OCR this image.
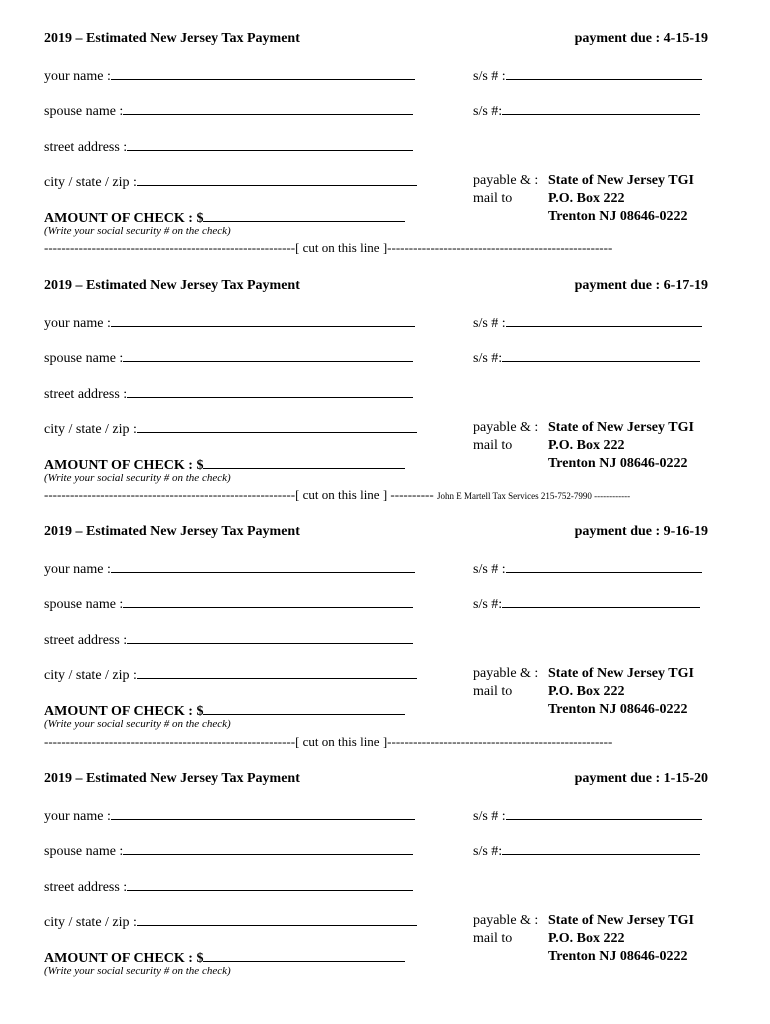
2019 – Estimated New Jersey Tax Payment	payment due : 4-15-19
your name :	s/s # :
spouse name :	s/s #:
street address :
city / state / zip :	payable & : State of New Jersey TGI
mail to	P.O. Box 222
Trenton NJ 08646-0222
AMOUNT OF CHECK : $
(Write your social security # on the check)
----------------------------------------------------------[ cut on this line ]----------------------------------------------------
2019 – Estimated New Jersey Tax Payment	payment due : 6-17-19
your name :	s/s # :
spouse name :	s/s #:
street address :
city / state / zip :	payable & : State of New Jersey TGI
mail to	P.O. Box 222
Trenton NJ 08646-0222
AMOUNT OF CHECK : $
(Write your social security # on the check)
----------------------------------------------------------[ cut on this line ] ---------- John E Martell Tax Services 215-752-7990 ------------
2019 – Estimated New Jersey Tax Payment	payment due : 9-16-19
your name :	s/s # :
spouse name :	s/s #:
street address :
city / state / zip :	payable & : State of New Jersey TGI
mail to	P.O. Box 222
Trenton NJ 08646-0222
AMOUNT OF CHECK : $
(Write your social security # on the check)
----------------------------------------------------------[ cut on this line ]----------------------------------------------------
2019 – Estimated New Jersey Tax Payment	payment due : 1-15-20
your name :	s/s # :
spouse name :	s/s #:
street address :
city / state / zip :	payable & : State of New Jersey TGI
mail to	P.O. Box 222
Trenton NJ 08646-0222
AMOUNT OF CHECK : $
(Write your social security # on the check)
